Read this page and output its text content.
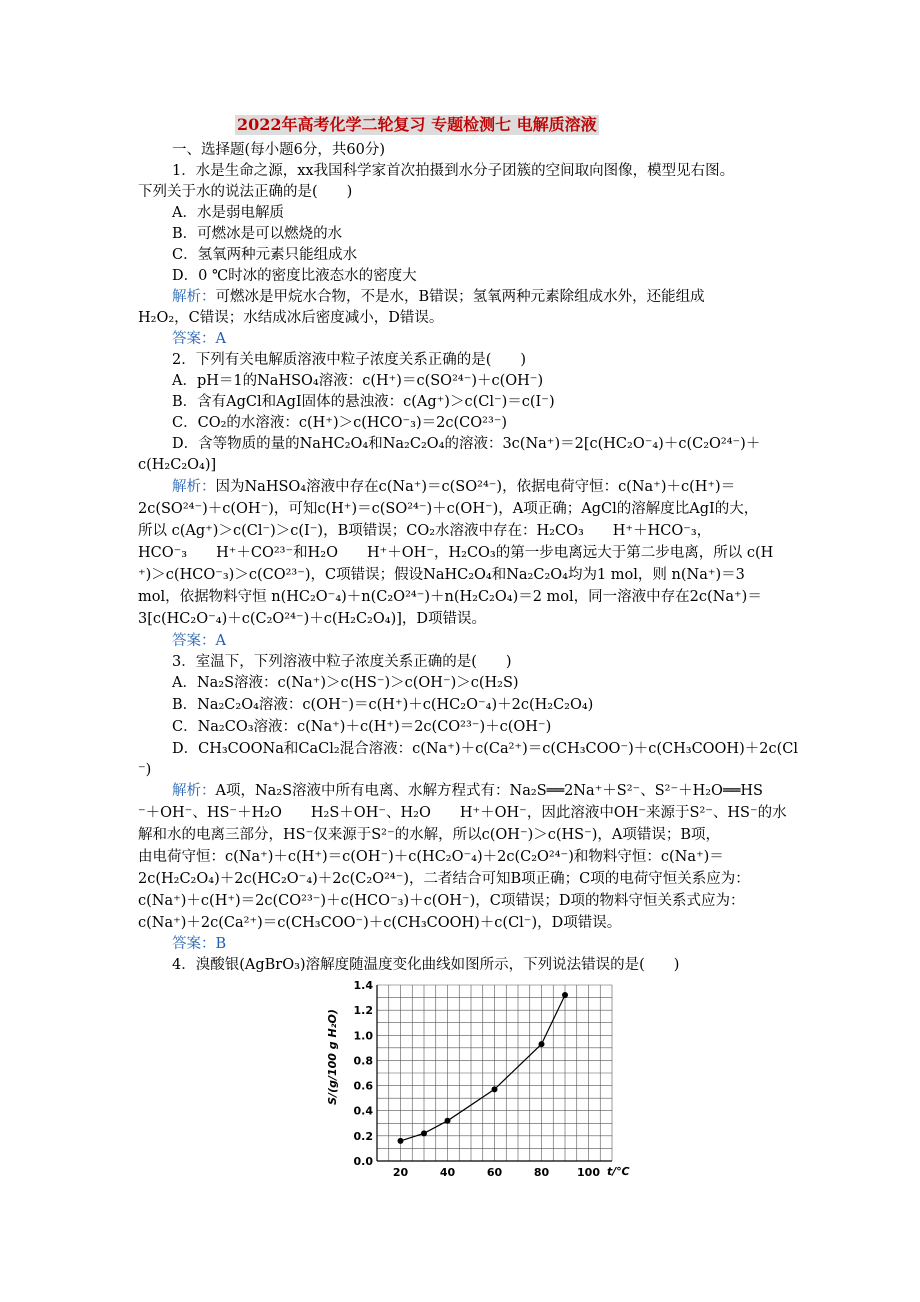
2022年高考化学二轮复习 专题检测七 电解质溶液
一、选择题(每小题6分，共60分)
1．水是生命之源，xx我国科学家首次拍摄到水分子团簇的空间取向图像，模型见右图。
下列关于水的说法正确的是(　　)
A．水是弱电解质
B．可燃冰是可以燃烧的水
C．氢氧两种元素只能组成水
D．0 ℃时冰的密度比液态水的密度大
解析：可燃冰是甲烷水合物，不是水，B错误；氢氧两种元素除组成水外，还能组成
H₂O₂，C错误；水结成冰后密度减小，D错误。
答案：A
2．下列有关电解质溶液中粒子浓度关系正确的是(　　)
A．pH＝1的NaHSO₄溶液：c(H⁺)＝c(SO²⁴⁻)＋c(OH⁻)
B．含有AgCl和AgI固体的悬浊液：c(Ag⁺)＞c(Cl⁻)＝c(I⁻)
C．CO₂的水溶液：c(H⁺)＞c(HCO⁻₃)＝2c(CO²³⁻)
D．含等物质的量的NaHC₂O₄和Na₂C₂O₄的溶液：3c(Na⁺)＝2[c(HC₂O⁻₄)＋c(C₂O²⁴⁻)＋
c(H₂C₂O₄)]
解析：因为NaHSO₄溶液中存在c(Na⁺)＝c(SO²⁴⁻)，依据电荷守恒：c(Na⁺)＋c(H⁺)＝
2c(SO²⁴⁻)＋c(OH⁻)，可知c(H⁺)＝c(SO²⁴⁻)＋c(OH⁻)，A项正确；AgCl的溶解度比AgI的大，
所以 c(Ag⁺)＞c(Cl⁻)＞c(I⁻)，B项错误；CO₂水溶液中存在：H₂CO₃　　H⁺＋HCO⁻₃，
HCO⁻₃　　H⁺＋CO²³⁻和H₂O　　H⁺＋OH⁻，H₂CO₃的第一步电离远大于第二步电离，所以 c(H
⁺)＞c(HCO⁻₃)＞c(CO²³⁻)，C项错误；假设NaHC₂O₄和Na₂C₂O₄均为1 mol，则 n(Na⁺)＝3
mol，依据物料守恒 n(HC₂O⁻₄)＋n(C₂O²⁴⁻)＋n(H₂C₂O₄)＝2 mol，同一溶液中存在2c(Na⁺)＝
3[c(HC₂O⁻₄)＋c(C₂O²⁴⁻)＋c(H₂C₂O₄)]，D项错误。
答案：A
3．室温下，下列溶液中粒子浓度关系正确的是(　　)
A．Na₂S溶液：c(Na⁺)＞c(HS⁻)＞c(OH⁻)＞c(H₂S)
B．Na₂C₂O₄溶液：c(OH⁻)＝c(H⁺)＋c(HC₂O⁻₄)＋2c(H₂C₂O₄)
C．Na₂CO₃溶液：c(Na⁺)＋c(H⁺)＝2c(CO²³⁻)＋c(OH⁻)
D．CH₃COONa和CaCl₂混合溶液：c(Na⁺)＋c(Ca²⁺)＝c(CH₃COO⁻)＋c(CH₃COOH)＋2c(Cl
⁻)
解析：A项，Na₂S溶液中所有电离、水解方程式有：Na₂S══2Na⁺＋S²⁻、S²⁻＋H₂O══HS
⁻＋OH⁻、HS⁻＋H₂O　　H₂S＋OH⁻、H₂O　　H⁺＋OH⁻，因此溶液中OH⁻来源于S²⁻、HS⁻的水
解和水的电离三部分，HS⁻仅来源于S²⁻的水解，所以c(OH⁻)＞c(HS⁻)，A项错误；B项，
由电荷守恒：c(Na⁺)＋c(H⁺)＝c(OH⁻)＋c(HC₂O⁻₄)＋2c(C₂O²⁴⁻)和物料守恒：c(Na⁺)＝
2c(H₂C₂O₄)＋2c(HC₂O⁻₄)＋2c(C₂O²⁴⁻)，二者结合可知B项正确；C项的电荷守恒关系应为：
c(Na⁺)＋c(H⁺)＝2c(CO²³⁻)＋c(HCO⁻₃)＋c(OH⁻)，C项错误；D项的物料守恒关系式应为：
c(Na⁺)＋2c(Ca²⁺)＝c(CH₃COO⁻)＋c(CH₃COOH)＋c(Cl⁻)，D项错误。
答案：B
4．溴酸银(AgBrO₃)溶解度随温度变化曲线如图所示，下列说法错误的是(　　)
0.0
0.2
0.4
0.6
0.8
1.0
1.2
1.4
20	40	60	80	100
S/(g/100 g H₂O)
t/℃
